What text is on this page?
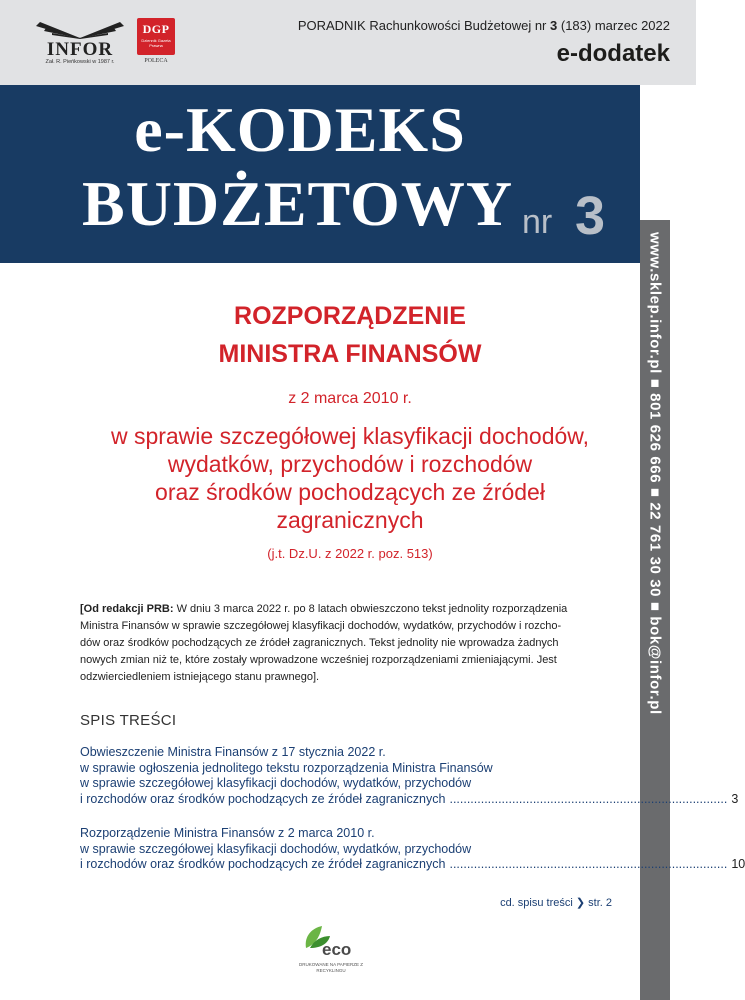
INFOR
Zał. R. Pieńkowski w 1987 r.
DGP
Dziennik Gazeta Prawna
POLECA
PORADNIK Rachunkowości Budżetowej nr 3 (183) marzec 2022
e-dodatek
e-KODEKS
BUDŻETOWY nr 3
www.sklep.infor.pl ■ 801 626 666 ■ 22 761 30 30 ■ bok@infor.pl
ROZPORZĄDZENIE
MINISTRA FINANSÓW
z 2 marca 2010 r.
w sprawie szczegółowej klasyfikacji dochodów,
wydatków, przychodów i rozchodów
oraz środków pochodzących ze źródeł
zagranicznych
(j.t. Dz.U. z 2022 r. poz. 513)
[Od redakcji PRB: W dniu 3 marca 2022 r. po 8 latach obwieszczono tekst jednolity rozporządzenia
Ministra Finansów w sprawie szczegółowej klasyfikacji dochodów, wydatków, przychodów i rozcho-
dów oraz środków pochodzących ze źródeł zagranicznych. Tekst jednolity nie wprowadza żadnych
nowych zmian niż te, które zostały wprowadzone wcześniej rozporządzeniami zmieniającymi. Jest
odzwierciedleniem istniejącego stanu prawnego].
SPIS TREŚCI
Obwieszczenie Ministra Finansów z 17 stycznia 2022 r.
w sprawie ogłoszenia jednolitego tekstu rozporządzenia Ministra Finansów
w sprawie szczegółowej klasyfikacji dochodów, wydatków, przychodów
i rozchodów oraz środków pochodzących ze źródeł zagranicznych ................................................................................ 3
Rozporządzenie Ministra Finansów z 2 marca 2010 r.
w sprawie szczegółowej klasyfikacji dochodów, wydatków, przychodów
i rozchodów oraz środków pochodzących ze źródeł zagranicznych ................................................................................ 10
cd. spisu treści ❯ str. 2
eco
DRUKOWANE NA PAPIERZE Z RECYKLINGU
